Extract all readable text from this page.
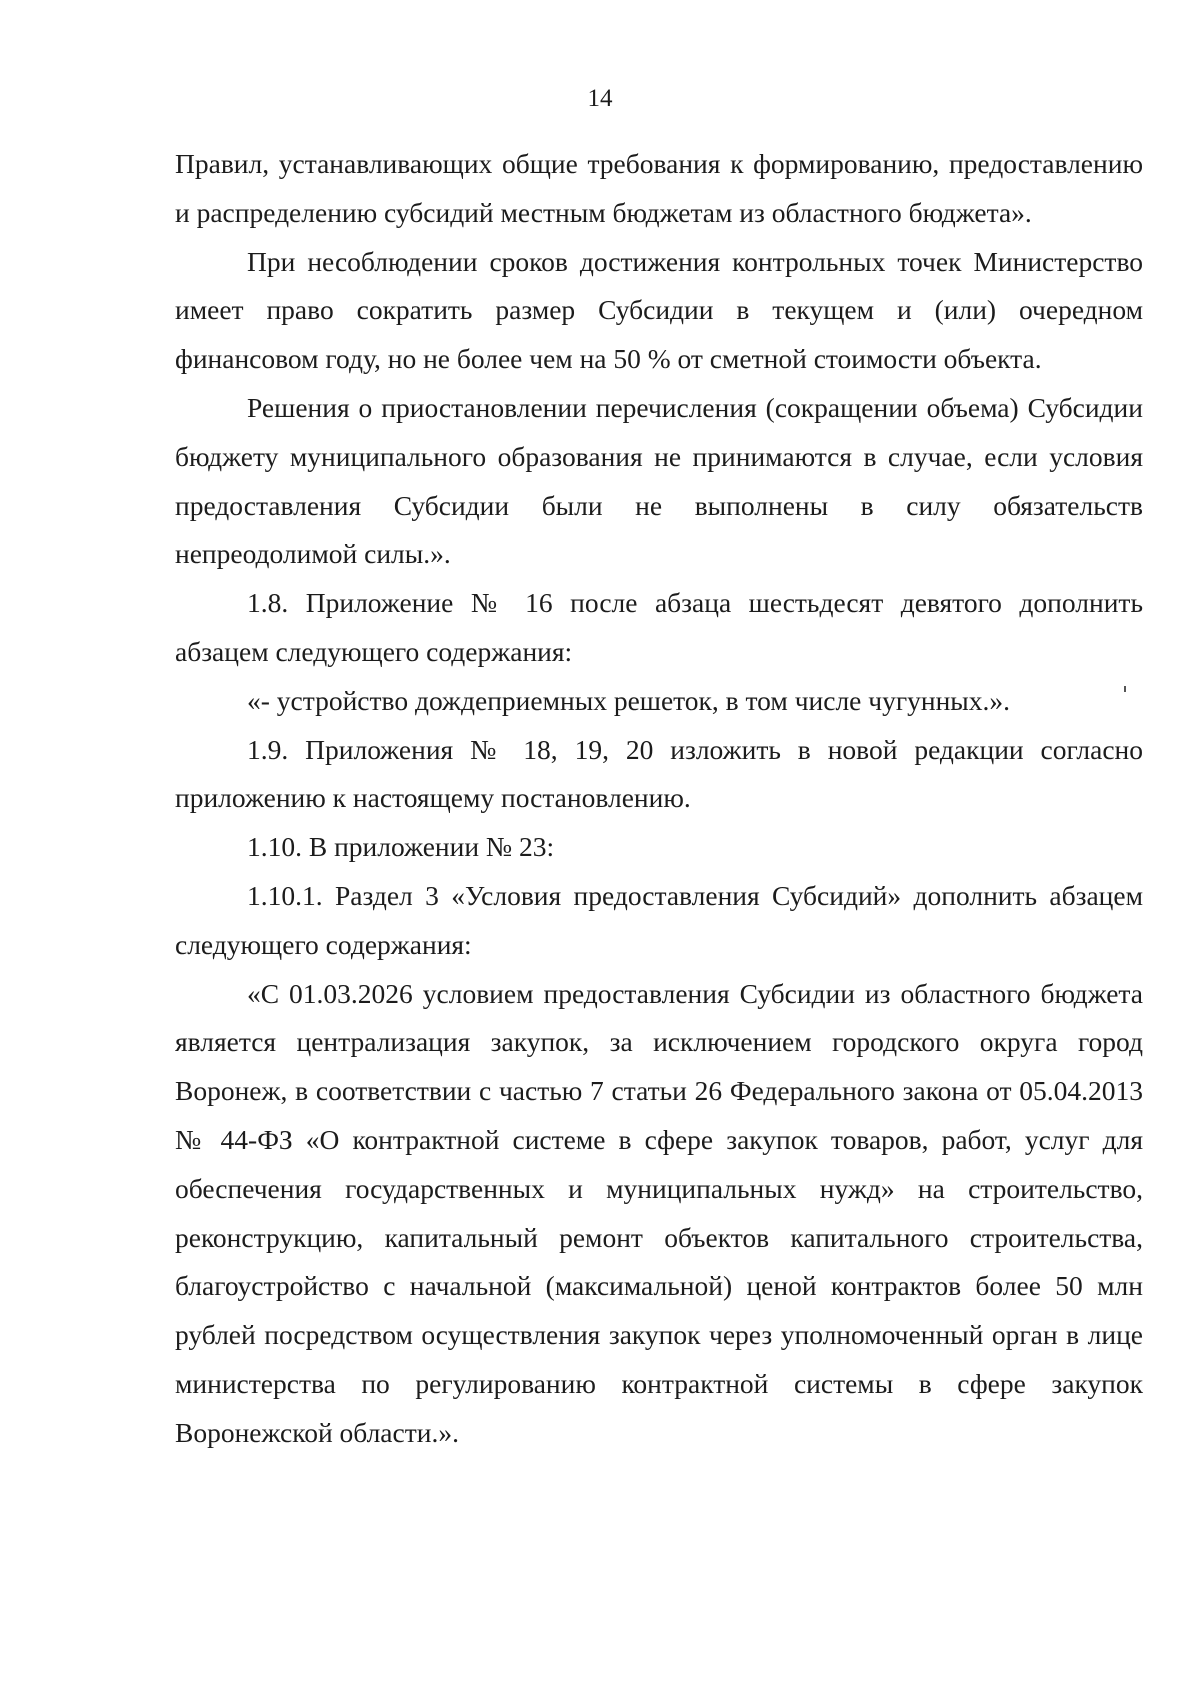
14

Правил, устанавливающих общие требования к формированию, предоставлению и распределению субсидий местным бюджетам из областного бюджета».

При несоблюдении сроков достижения контрольных точек Министерство имеет право сократить размер Субсидии в текущем и (или) очередном финансовом году, но не более чем на 50 % от сметной стоимости объекта.

Решения о приостановлении перечисления (сокращении объема) Субсидии бюджету муниципального образования не принимаются в случае, если условия предоставления Субсидии были не выполнены в силу обязательств непреодолимой силы.».

1.8. Приложение № 16 после абзаца шестьдесят девятого дополнить абзацем следующего содержания:

«- устройство дождеприемных решеток, в том числе чугунных.».

1.9. Приложения № 18, 19, 20 изложить в новой редакции согласно приложению к настоящему постановлению.

1.10. В приложении № 23:

1.10.1. Раздел 3 «Условия предоставления Субсидий» дополнить абзацем следующего содержания:

«С 01.03.2026 условием предоставления Субсидии из областного бюджета является централизация закупок, за исключением городского округа город Воронеж, в соответствии с частью 7 статьи 26 Федерального закона от 05.04.2013 № 44-ФЗ «О контрактной системе в сфере закупок товаров, работ, услуг для обеспечения государственных и муниципальных нужд» на строительство, реконструкцию, капитальный ремонт объектов капитального строительства, благоустройство с начальной (максимальной) ценой контрактов более 50 млн рублей посредством осуществления закупок через уполномоченный орган в лице министерства по регулированию контрактной системы в сфере закупок Воронежской области.».
